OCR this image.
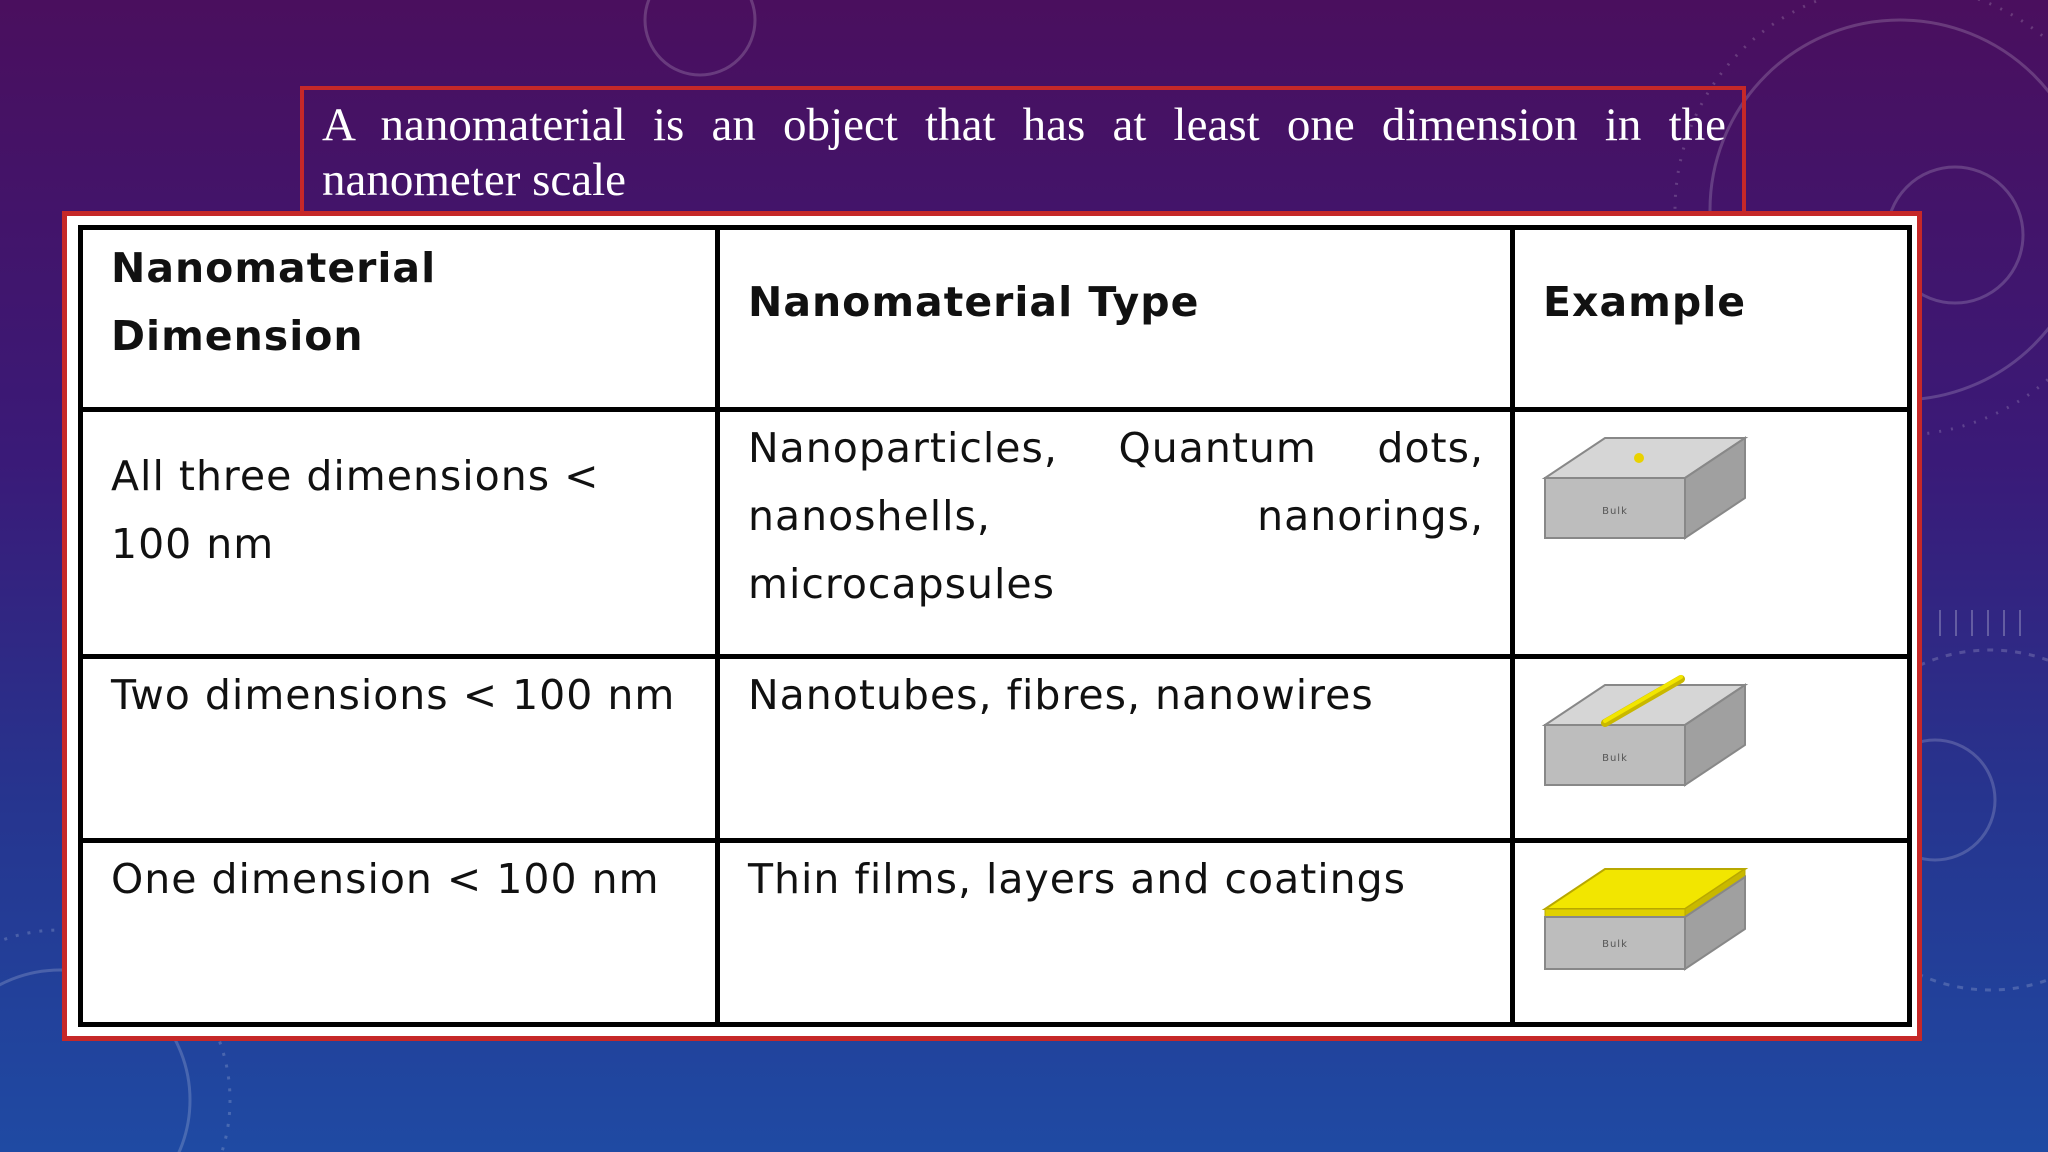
A nanomaterial is an object that has at least one dimension in the nanometer scale

Nanomaterial Dimension	Nanomaterial Type	Example
All three dimensions < 100 nm	Nanoparticles, Quantum dots, nanoshells, nanorings, microcapsules	Bulk

Two dimensions < 100 nm	Nanotubes, fibres, nanowires	Bulk

One dimension < 100 nm	Thin films, layers and coatings	Bulk
